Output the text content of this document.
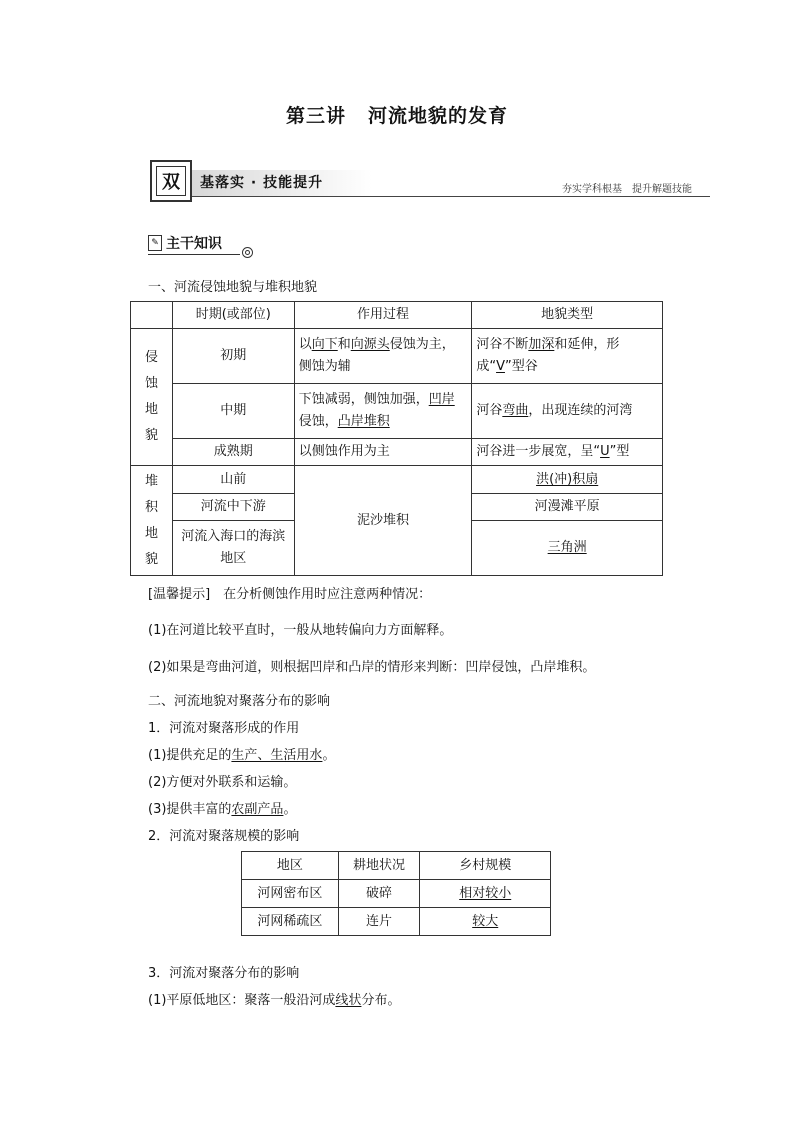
第三讲 河流地貌的发育
双	基落实 · 技能提升	夯实学科根基　提升解题技能
✎ 主干知识
一、河流侵蚀地貌与堆积地貌
	时期(或部位)	作用过程	地貌类型
侵
蚀
地
貌	初期	以向下和向源头侵蚀为主，侧蚀为辅	河谷不断加深和延伸，形成“V”型谷
	中期	下蚀减弱，侧蚀加强，凹岸侵蚀，凸岸堆积	河谷弯曲，出现连续的河湾
	成熟期	以侧蚀作用为主	河谷进一步展宽，呈“U”型
堆
积
地
貌	山前	泥沙堆积	洪(冲)积扇
	河流中下游		河漫滩平原
	河流入海口的海滨地区		三角洲
[温馨提示]　 在分析侧蚀作用时应注意两种情况：
(1)在河道比较平直时，一般从地转偏向力方面解释。
(2)如果是弯曲河道，则根据凹岸和凸岸的情形来判断：凹岸侵蚀，凸岸堆积。
二、河流地貌对聚落分布的影响
1．河流对聚落形成的作用
(1)提供充足的生产、生活用水。
(2)方便对外联系和运输。
(3)提供丰富的农副产品。
2．河流对聚落规模的影响
地区	耕地状况	乡村规模
河网密布区	破碎	相对较小
河网稀疏区	连片	较大
3．河流对聚落分布的影响
(1)平原低地区：聚落一般沿河成线状分布。
